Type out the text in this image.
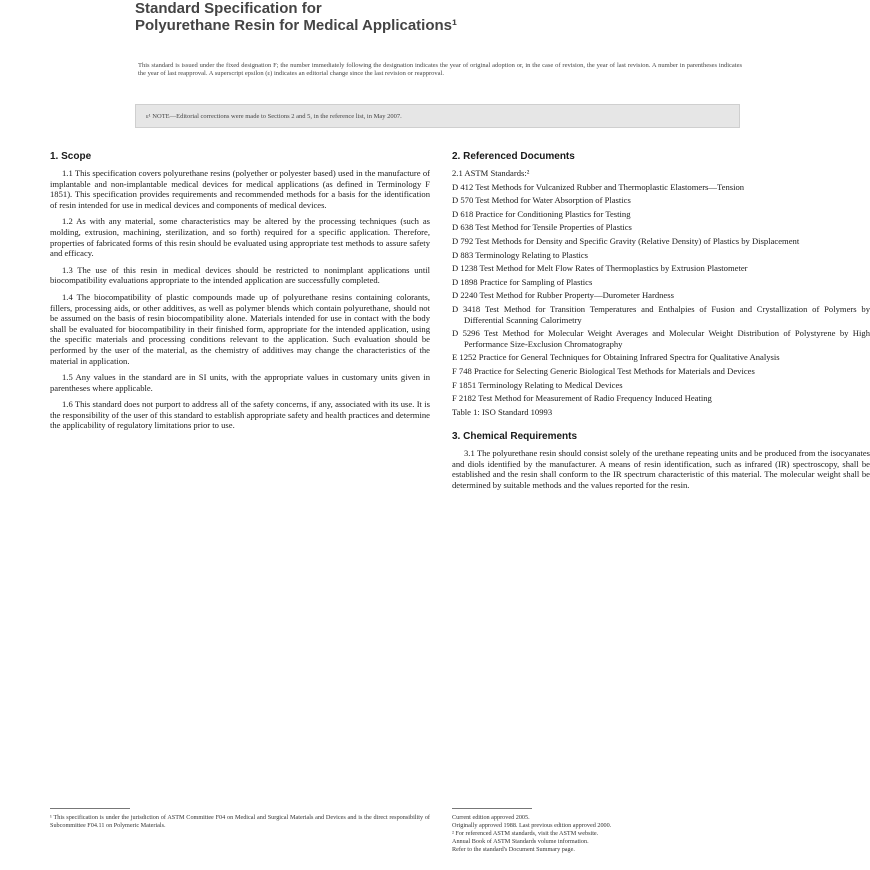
Standard Specification for
Polyurethane Resin for Medical Applications¹
This standard is issued under the fixed designation F; the number immediately following the designation indicates the year of original adoption or, in the case of revision, the year of last revision. A number in parentheses indicates the year of last reapproval. A superscript epsilon (ε) indicates an editorial change since the last revision or reapproval.
ε¹ NOTE—Editorial corrections were made to Sections 2 and 5, in the reference list, in May 2007.
1. Scope

1.1 This specification covers polyurethane resins (polyether or polyester based) used in the manufacture of implantable and non-implantable medical devices for medical applications (as defined in Terminology F 1851). This specification provides requirements and recommended methods for a basis for the identification of resin intended for use in medical devices and components of medical devices.

1.2 As with any material, some characteristics may be altered by the processing techniques (such as molding, extrusion, machining, sterilization, and so forth) required for a specific application. Therefore, properties of fabricated forms of this resin should be evaluated using appropriate test methods to assure safety and efficacy.

1.3 The use of this resin in medical devices should be restricted to nonimplant applications until biocompatibility evaluations appropriate to the intended application are successfully completed.

1.4 The biocompatibility of plastic compounds made up of polyurethane resins containing colorants, fillers, processing aids, or other additives, as well as polymer blends which contain polyurethane, should not be assumed on the basis of resin biocompatibility alone. Materials intended for use in contact with the body shall be evaluated for biocompatibility in their finished form, appropriate for the intended application, using the specific materials and processing conditions relevant to the application. Such evaluation should be performed by the user of the material, as the chemistry of additives may change the characteristics of the material in application.

1.5 Any values in the standard are in SI units, with the appropriate values in customary units given in parentheses where applicable.

1.6 This standard does not purport to address all of the safety concerns, if any, associated with its use. It is the responsibility of the user of this standard to establish appropriate safety and health practices and determine the applicability of regulatory limitations prior to use.

2. Referenced Documents
2.1 ASTM Standards:²
D 412 Test Methods for Vulcanized Rubber and Thermoplastic Elastomers—Tension
D 570 Test Method for Water Absorption of Plastics
D 618 Practice for Conditioning Plastics for Testing
D 638 Test Method for Tensile Properties of Plastics
D 792 Test Methods for Density and Specific Gravity (Relative Density) of Plastics by Displacement
D 883 Terminology Relating to Plastics
D 1238 Test Method for Melt Flow Rates of Thermoplastics by Extrusion Plastometer
D 1898 Practice for Sampling of Plastics
D 2240 Test Method for Rubber Property—Durometer Hardness
D 3418 Test Method for Transition Temperatures and Enthalpies of Fusion and Crystallization of Polymers by Differential Scanning Calorimetry
D 5296 Test Method for Molecular Weight Averages and Molecular Weight Distribution of Polystyrene by High Performance Size-Exclusion Chromatography
E 1252 Practice for General Techniques for Obtaining Infrared Spectra for Qualitative Analysis
F 748 Practice for Selecting Generic Biological Test Methods for Materials and Devices
F 1851 Terminology Relating to Medical Devices
F 2182 Test Method for Measurement of Radio Frequency Induced Heating
Table 1: ISO Standard 10993
3. Chemical Requirements

3.1 The polyurethane resin should consist solely of the urethane repeating units and be produced from the isocyanates and diols identified by the manufacturer. A means of resin identification, such as infrared (IR) spectroscopy, shall be established and the resin shall conform to the IR spectrum characteristic of this material. The molecular weight shall be determined by suitable methods and the values reported for the resin.

¹ This specification is under the jurisdiction of ASTM Committee F04 on Medical and Surgical Materials and Devices and is the direct responsibility of Subcommittee F04.11 on Polymeric Materials.

Current edition approved 2005.

Originally approved 1988. Last previous edition approved 2000.

² For referenced ASTM standards, visit the ASTM website.

Annual Book of ASTM Standards volume information.

Refer to the standard's Document Summary page.
